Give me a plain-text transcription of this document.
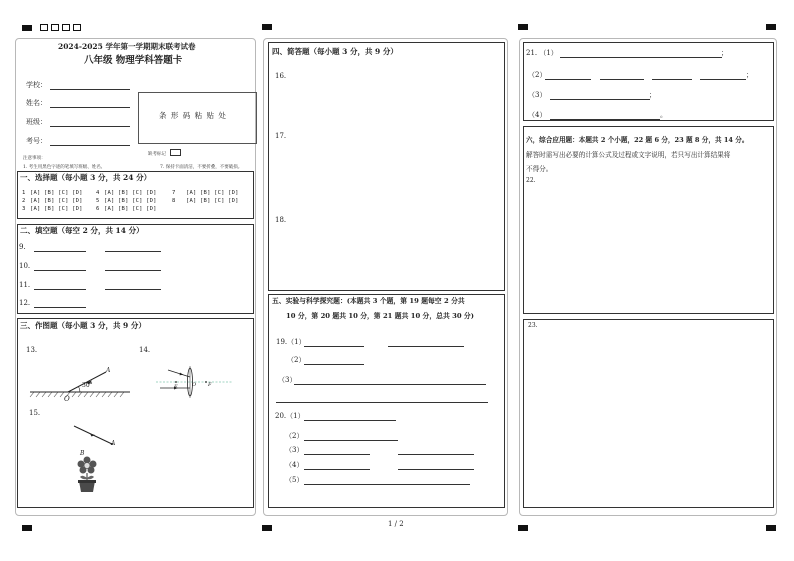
1 / 2
2024-2025 学年第一学期期末联考试卷
八年级 物理学科答题卡
学校：
姓名：
班级：
考号：
条 形 码 粘 贴 处
缺考标记
注意事项：
1. 考生用黑色字迹的笔填写班级、姓名、	7. 保持卡面清洁，不要折叠，不要破损。
一、选择题（每小题 3 分，共 24 分）
1 [A] [B] [C] [D]
2 [A] [B] [C] [D]
3 [A] [B] [C] [D]
4 [A] [B] [C] [D]
5 [A] [B] [C] [D]
6 [A] [B] [C] [D]
7 [A] [B] [C] [D]
8 [A] [B] [C] [D]
二、填空题（每空 2 分，共 14 分）
9.
10.
11.
12.
三、作图题（每小题 3 分，共 9 分）
13.	14.
15.
30°
A
O
F	O F
A
B
四、简答题（每小题 3 分，共 9 分）
16.
17.
18.
五、实验与科学探究题：(本题共 3 个题，第 19 题每空 2 分共
10 分，第 20 题共 10 分，第 21 题共 10 分，总共 30 分)
19.（1）
（2）
（3）
20.（1）
（2）
（3）
（4）
（5）
21. （1）	；
（2）	；
（3）	；
（4）	。
六，综合应用题：本题共 2 个小题，22 题 6 分，23 题 8 分，共 14 分。
解答时需写出必要的计算公式及过程或文字说明，若只写出计算结果将
不得分。
22.
23.
